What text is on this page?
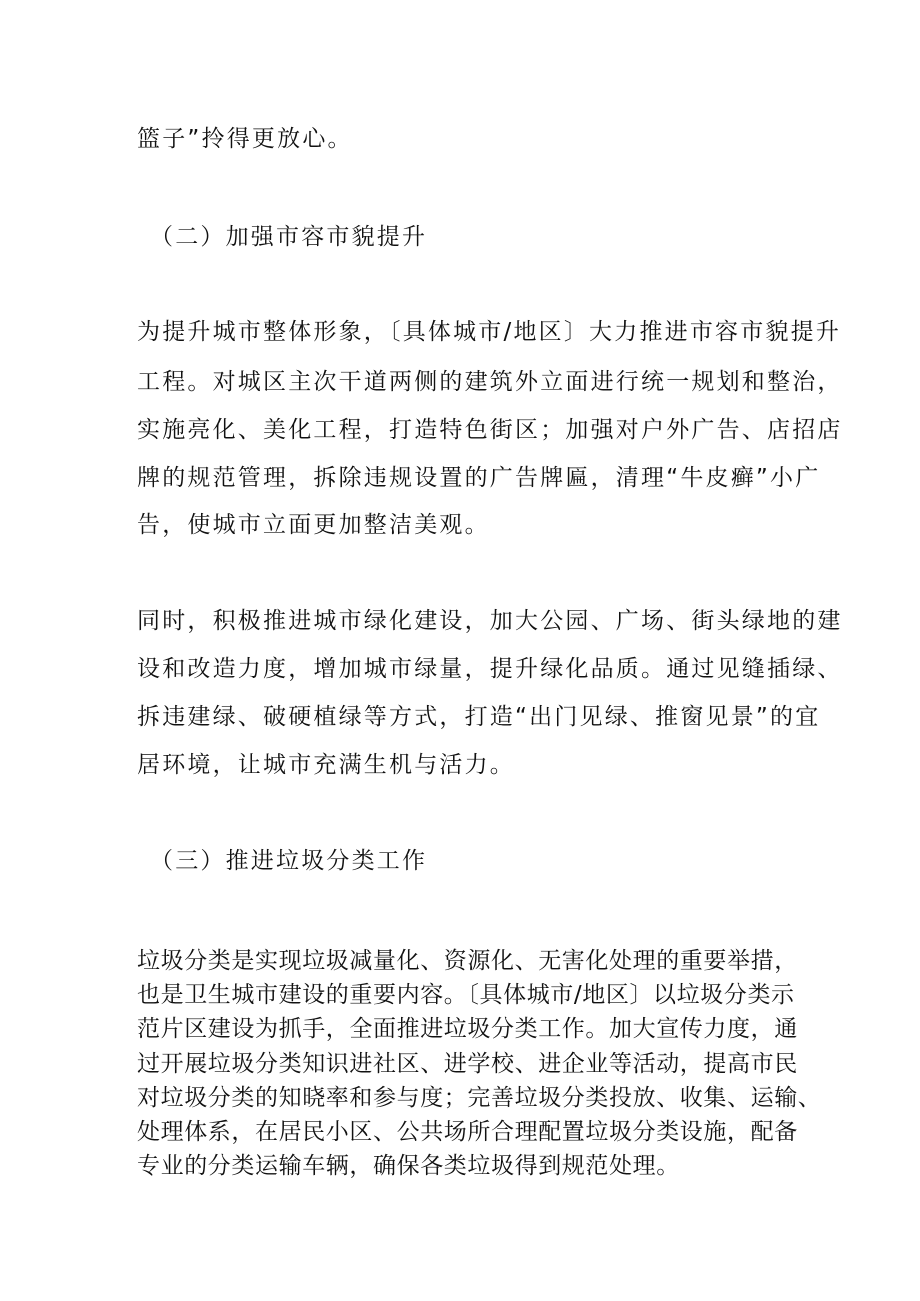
篮子”拎得更放心。
（二）加强市容市貌提升
为提升城市整体形象，〔具体城市/地区〕大力推进市容市貌提升
工程。对城区主次干道两侧的建筑外立面进行统一规划和整治，
实施亮化、美化工程，打造特色街区；加强对户外广告、店招店
牌的规范管理，拆除违规设置的广告牌匾，清理“牛皮癣”小广
告，使城市立面更加整洁美观。
同时，积极推进城市绿化建设，加大公园、广场、街头绿地的建
设和改造力度，增加城市绿量，提升绿化品质。通过见缝插绿、
拆违建绿、破硬植绿等方式，打造“出门见绿、推窗见景”的宜
居环境，让城市充满生机与活力。
（三）推进垃圾分类工作
垃圾分类是实现垃圾减量化、资源化、无害化处理的重要举措，
也是卫生城市建设的重要内容。〔具体城市/地区〕以垃圾分类示
范片区建设为抓手，全面推进垃圾分类工作。加大宣传力度，通
过开展垃圾分类知识进社区、进学校、进企业等活动，提高市民
对垃圾分类的知晓率和参与度；完善垃圾分类投放、收集、运输、
处理体系，在居民小区、公共场所合理配置垃圾分类设施，配备
专业的分类运输车辆，确保各类垃圾得到规范处理。
